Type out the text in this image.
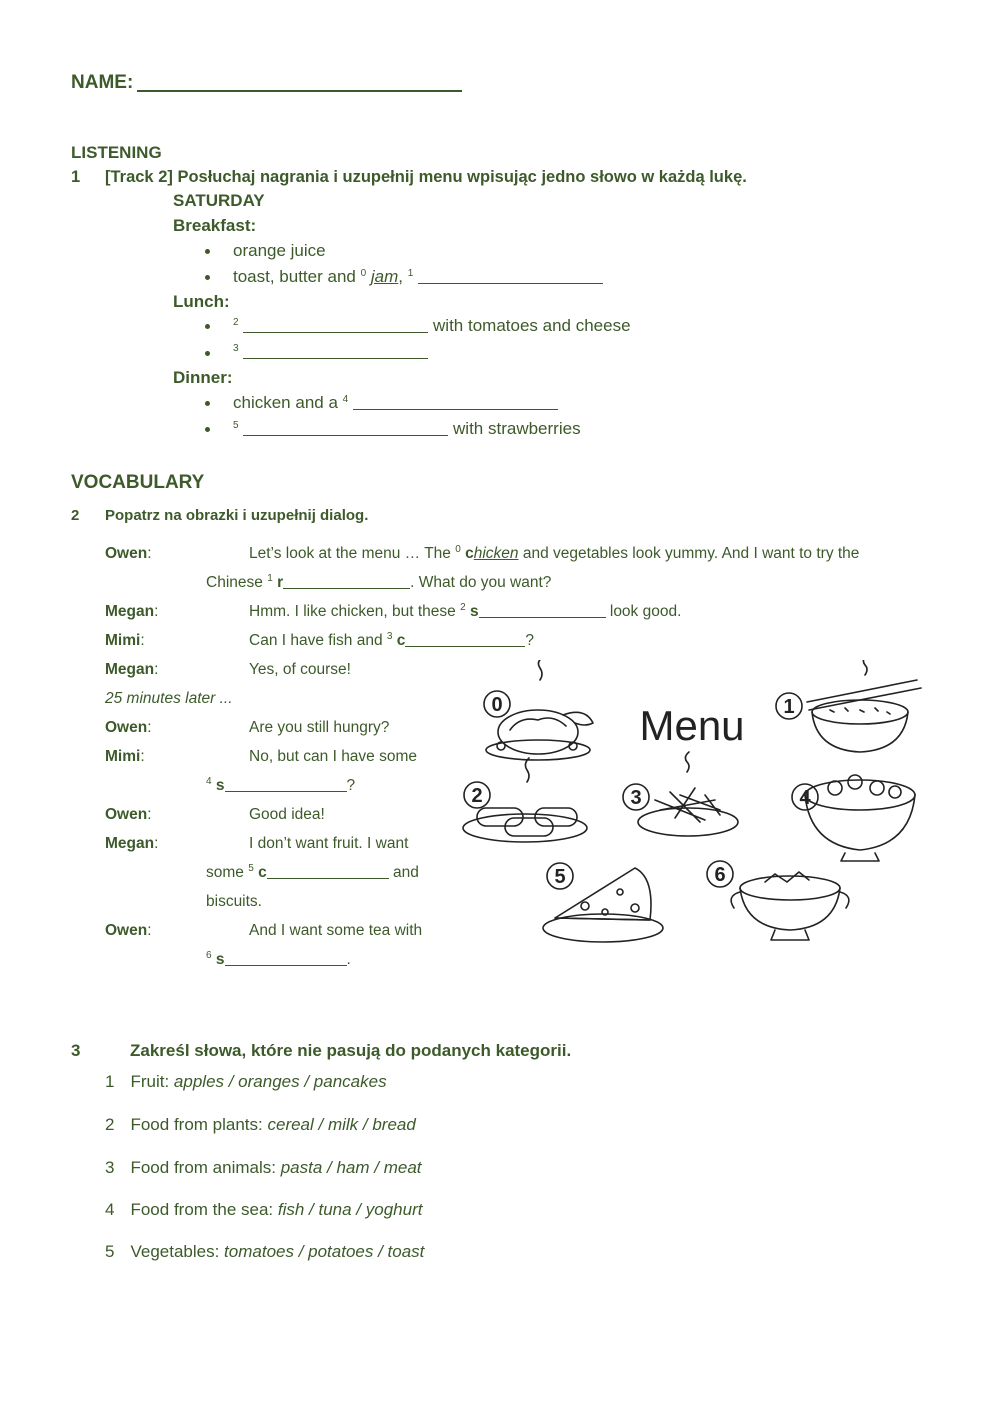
NAME:
LISTENING
1 [Track 2] Posłuchaj nagrania i uzupełnij menu wpisując jedno słowo w każdą lukę.
SATURDAY
Breakfast:
orange juice
toast, butter and $^0$ jam, $^1$
Lunch:
$^2$	with tomatoes and cheese
$^3$
Dinner:
chicken and a $^4$
$^5$	with strawberries
VOCABULARY
2 Popatrz na obrazki i uzupełnij dialog.
Owen:	Let’s look at the menu … The $^0$ chicken and vegetables look yummy. And I want to try the
Chinese $^1$ r	. What do you want?
Megan:	Hmm. I like chicken, but these $^2$ s	look good.
Mimi:	Can I have fish and $^3$ c	?
Megan:	Yes, of course!
25 minutes later ...
Owen:	Are you still hungry?
Mimi:	No, but can I have some
$^4$ s	?
Owen:	Good idea!
Megan:	I don’t want fruit. I want
some $^5$ c	and
biscuits.
Owen:	And I want some tea with
$^6$ s	.
0	1
2	3	4
5	6
Menu
3	Zakreśl słowa, które nie pasują do podanych kategorii.
1 Fruit: apples / oranges / pancakes
2 Food from plants: cereal / milk / bread
3 Food from animals: pasta / ham / meat
4 Food from the sea: fish / tuna / yoghurt
5 Vegetables: tomatoes / potatoes / toast
